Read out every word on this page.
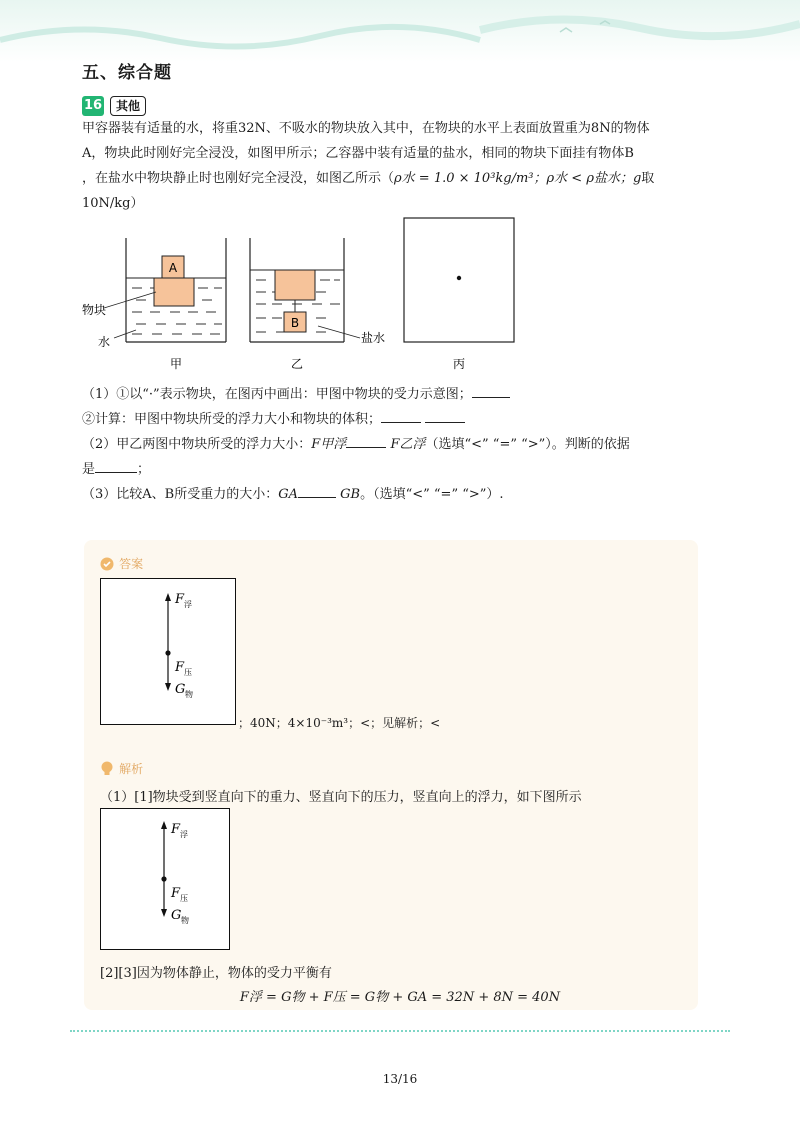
五、综合题
16	其他
甲容器装有适量的水，将重32N、不吸水的物块放入其中，在物块的水平上表面放置重为8N的物体
A，物块此时刚好完全浸没，如图甲所示；乙容器中装有适量的盐水，相同的物块下面挂有物体B
，在盐水中物块静止时也刚好完全浸没，如图乙所示（ρ水 = 1.0 × 10³kg/m³；ρ水 < ρ盐水；g取
10N/kg）
A
物块
水
甲
B
盐水
乙	丙
（1）①以“·”表示物块，在图丙中画出：甲图中物块的受力示意图；
②计算：甲图中物块所受的浮力大小和物块的体积；
（2）甲乙两图中物块所受的浮力大小：F甲浮	F乙浮（选填“<” “=” “>”）。判断的依据
是	；
（3）比较A、B所受重力的大小：GA	GB。（选填“<” “=” “>”）.
答案
F 浮
F 压
G 物
；40N；4×10⁻³m³；<；见解析；<
解析
（1）[1]物块受到竖直向下的重力、竖直向下的压力，竖直向上的浮力，如下图所示
F 浮
F 压
G 物
[2][3]因为物体静止，物体的受力平衡有
F浮 = G物 + F压 = G物 + GA = 32N + 8N = 40N
13/16
